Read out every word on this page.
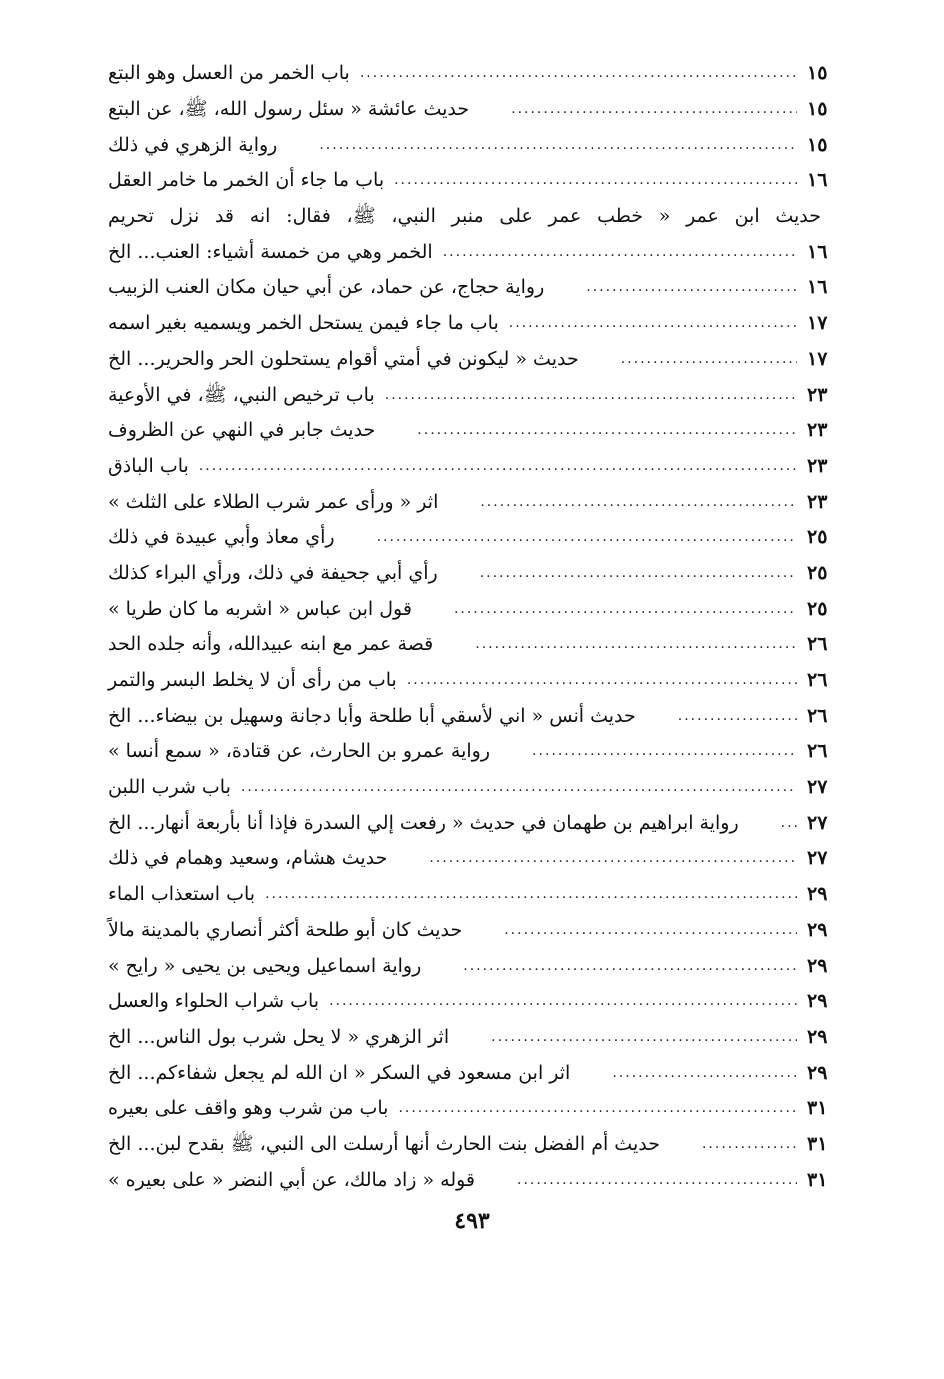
باب الخمر من العسل وهو البتع .....	١٥
حديث عائشة « سئل رسول الله، ﷺ، عن البتع .....	١٥
رواية الزهري في ذلك .....	١٥
باب ما جاء أن الخمر ما خامر العقل .....	١٦
حديث ابن عمر « خطب عمر على منبر النبي، ﷺ، فقال: انه قد نزل تحريم
الخمر وهي من خمسة أشياء: العنب... الخ .....	١٦
رواية حجاج، عن حماد، عن أبي حيان مكان العنب الزبيب .....	١٦
باب ما جاء فيمن يستحل الخمر ويسميه بغير اسمه .....	١٧
حديث « ليكونن في أمتي أقوام يستحلون الحر والحرير... الخ .....	١٧
باب ترخيص النبي، ﷺ، في الأوعية .....	٢٣
حديث جابر في النهي عن الظروف .....	٢٣
باب الباذق .....	٢٣
اثر « ورأى عمر شرب الطلاء على الثلث » .....	٢٣
رأي معاذ وأبي عبيدة في ذلك .....	٢٥
رأي أبي جحيفة في ذلك، ورأي البراء كذلك .....	٢٥
قول ابن عباس « اشربه ما كان طريا » .....	٢٥
قصة عمر مع ابنه عبيدالله، وأنه جلده الحد .....	٢٦
باب من رأى أن لا يخلط البسر والتمر .....	٢٦
حديث أنس « اني لأسقي أبا طلحة وأبا دجانة وسهيل بن بيضاء... الخ .....	٢٦
رواية عمرو بن الحارث، عن قتادة، « سمع أنسا » .....	٢٦
باب شرب اللبن .....	٢٧
رواية ابراهيم بن طهمان في حديث « رفعت إلي السدرة فإذا أنا بأربعة أنهار... الخ .....	٢٧
حديث هشام، وسعيد وهمام في ذلك .....	٢٧
باب استعذاب الماء .....	٢٩
حديث كان أبو طلحة أكثر أنصاري بالمدينة مالاً .....	٢٩
رواية اسماعيل ويحيى بن يحيى « رايح » .....	٢٩
باب شراب الحلواء والعسل .....	٢٩
اثر الزهري « لا يحل شرب بول الناس... الخ .....	٢٩
اثر ابن مسعود في السكر « ان الله لم يجعل شفاءكم... الخ .....	٢٩
باب من شرب وهو واقف على بعيره .....	٣١
حديث أم الفضل بنت الحارث أنها أرسلت الى النبي، ﷺ بقدح لبن... الخ .....	٣١
قوله « زاد مالك، عن أبي النضر « على بعيره » .....	٣١
٤٩٣
